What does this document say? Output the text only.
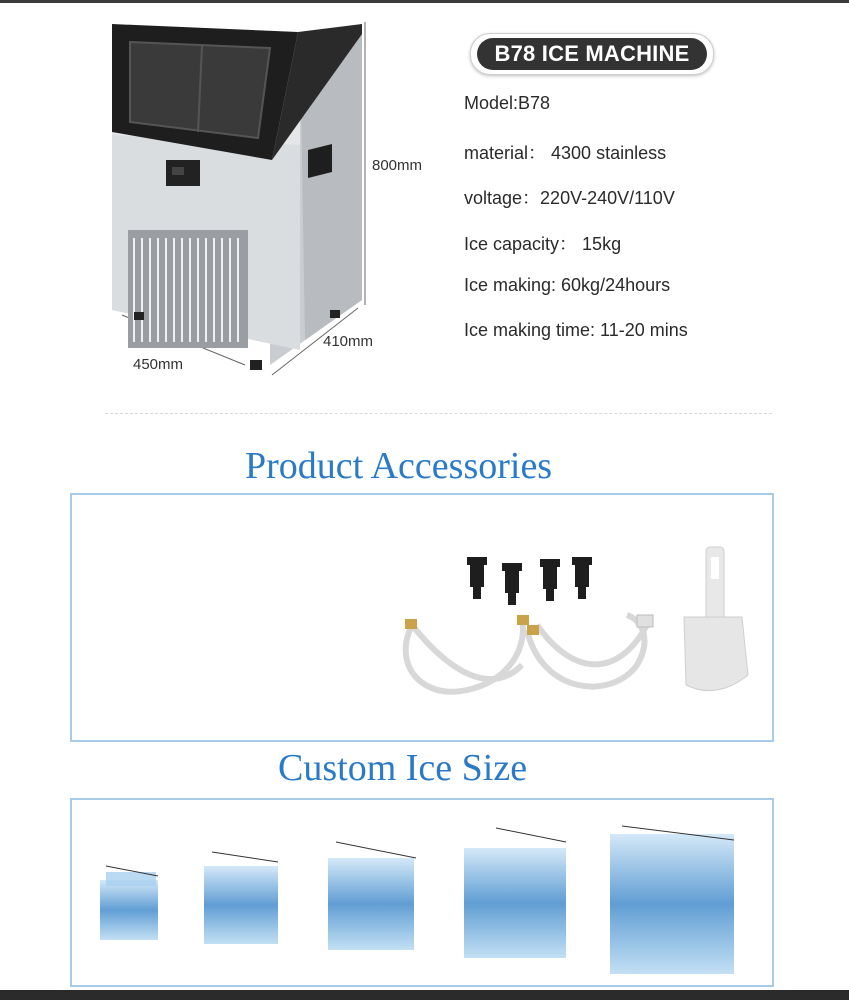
800mm
450mm
410mm
B78 ICE MACHINE
Model:B78
material： 4300 stainless
voltage：220V-240V/110V
Ice capacity： 15kg
Ice making: 60kg/24hours
Ice making time: 11-20 mins
Product Accessories
Custom Ice Size
